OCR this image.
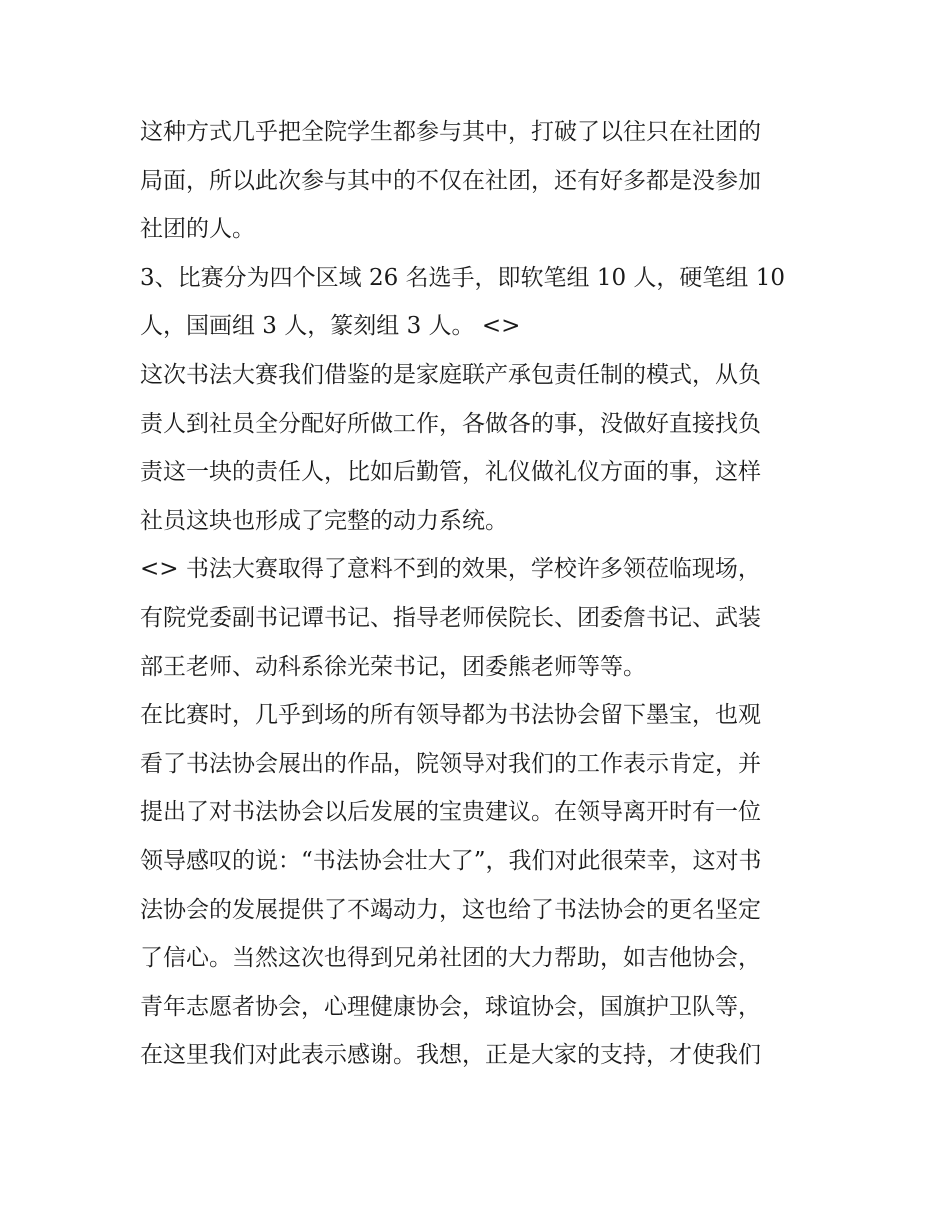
这种方式几乎把全院学生都参与其中，打破了以往只在社团的
局面，所以此次参与其中的不仅在社团，还有好多都是没参加
社团的人。
3、比赛分为四个区域 26 名选手，即软笔组 10 人，硬笔组 10
人，国画组 3 人，篆刻组 3 人。 <>
这次书法大赛我们借鉴的是家庭联产承包责任制的模式，从负
责人到社员全分配好所做工作，各做各的事，没做好直接找负
责这一块的责任人，比如后勤管，礼仪做礼仪方面的事，这样
社员这块也形成了完整的动力系统。
<> 书法大赛取得了意料不到的效果，学校许多领莅临现场，
有院党委副书记谭书记、指导老师侯院长、团委詹书记、武装
部王老师、动科系徐光荣书记，团委熊老师等等。
在比赛时，几乎到场的所有领导都为书法协会留下墨宝，也观
看了书法协会展出的作品，院领导对我们的工作表示肯定，并
提出了对书法协会以后发展的宝贵建议。在领导离开时有一位
领导感叹的说：“书法协会壮大了”，我们对此很荣幸，这对书
法协会的发展提供了不竭动力，这也给了书法协会的更名坚定
了信心。当然这次也得到兄弟社团的大力帮助，如吉他协会，
青年志愿者协会，心理健康协会，球谊协会，国旗护卫队等，
在这里我们对此表示感谢。我想，正是大家的支持，才使我们
